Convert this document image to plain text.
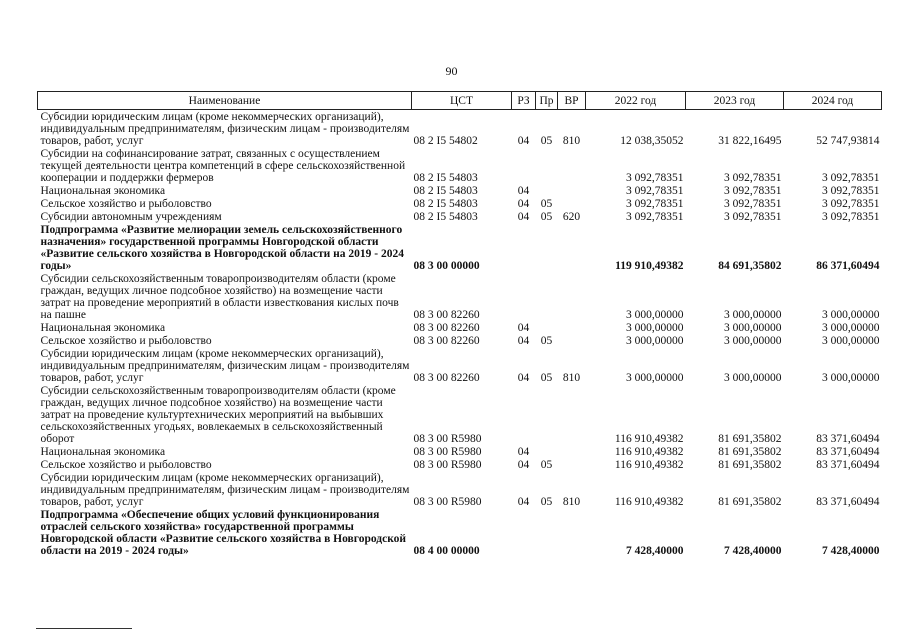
90
Наименование	ЦСТ	РЗ	Пр	ВР	2022 год	2023 год	2024 год
Субсидии юридическим лицам (кроме некоммерческих организаций), индивидуальным предпринимателям, физическим лицам - производителям товаров, работ, услуг	08 2 I5 54802	04	05	810	12 038,35052	31 822,16495	52 747,93814
Субсидии на софинансирование затрат, связанных с осуществлением текущей деятельности центра компетенций в сфере сельскохозяйственной кооперации и поддержки фермеров	08 2 I5 54803				3 092,78351	3 092,78351	3 092,78351
Национальная экономика	08 2 I5 54803	04			3 092,78351	3 092,78351	3 092,78351
Сельское хозяйство и рыболовство	08 2 I5 54803	04	05		3 092,78351	3 092,78351	3 092,78351
Субсидии автономным учреждениям	08 2 I5 54803	04	05	620	3 092,78351	3 092,78351	3 092,78351
Подпрограмма «Развитие мелиорации земель сельскохозяйственного назначения» государственной программы Новгородской области «Развитие сельского хозяйства в Новгородской области на 2019 - 2024 годы»	08 3 00 00000				119 910,49382	84 691,35802	86 371,60494
Субсидии сельскохозяйственным товаропроизводителям области (кроме граждан, ведущих личное подсобное хозяйство) на возмещение части затрат на проведение мероприятий в области известкования кислых почв на пашне	08 3 00 82260				3 000,00000	3 000,00000	3 000,00000
Национальная экономика	08 3 00 82260	04			3 000,00000	3 000,00000	3 000,00000
Сельское хозяйство и рыболовство	08 3 00 82260	04	05		3 000,00000	3 000,00000	3 000,00000
Субсидии юридическим лицам (кроме некоммерческих организаций), индивидуальным предпринимателям, физическим лицам - производителям товаров, работ, услуг	08 3 00 82260	04	05	810	3 000,00000	3 000,00000	3 000,00000
Субсидии сельскохозяйственным товаропроизводителям области (кроме граждан, ведущих личное подсобное хозяйство) на возмещение части затрат на проведение культуртехнических мероприятий на выбывших сельскохозяйственных угодьях, вовлекаемых в сельскохозяйственный оборот	08 3 00 R5980				116 910,49382	81 691,35802	83 371,60494
Национальная экономика	08 3 00 R5980	04			116 910,49382	81 691,35802	83 371,60494
Сельское хозяйство и рыболовство	08 3 00 R5980	04	05		116 910,49382	81 691,35802	83 371,60494
Субсидии юридическим лицам (кроме некоммерческих организаций), индивидуальным предпринимателям, физическим лицам - производителям товаров, работ, услуг	08 3 00 R5980	04	05	810	116 910,49382	81 691,35802	83 371,60494
Подпрограмма «Обеспечение общих условий функционирования отраслей сельского хозяйства» государственной программы Новгородской области «Развитие сельского хозяйства в Новгородской области на 2019 - 2024 годы»	08 4 00 00000				7 428,40000	7 428,40000	7 428,40000
